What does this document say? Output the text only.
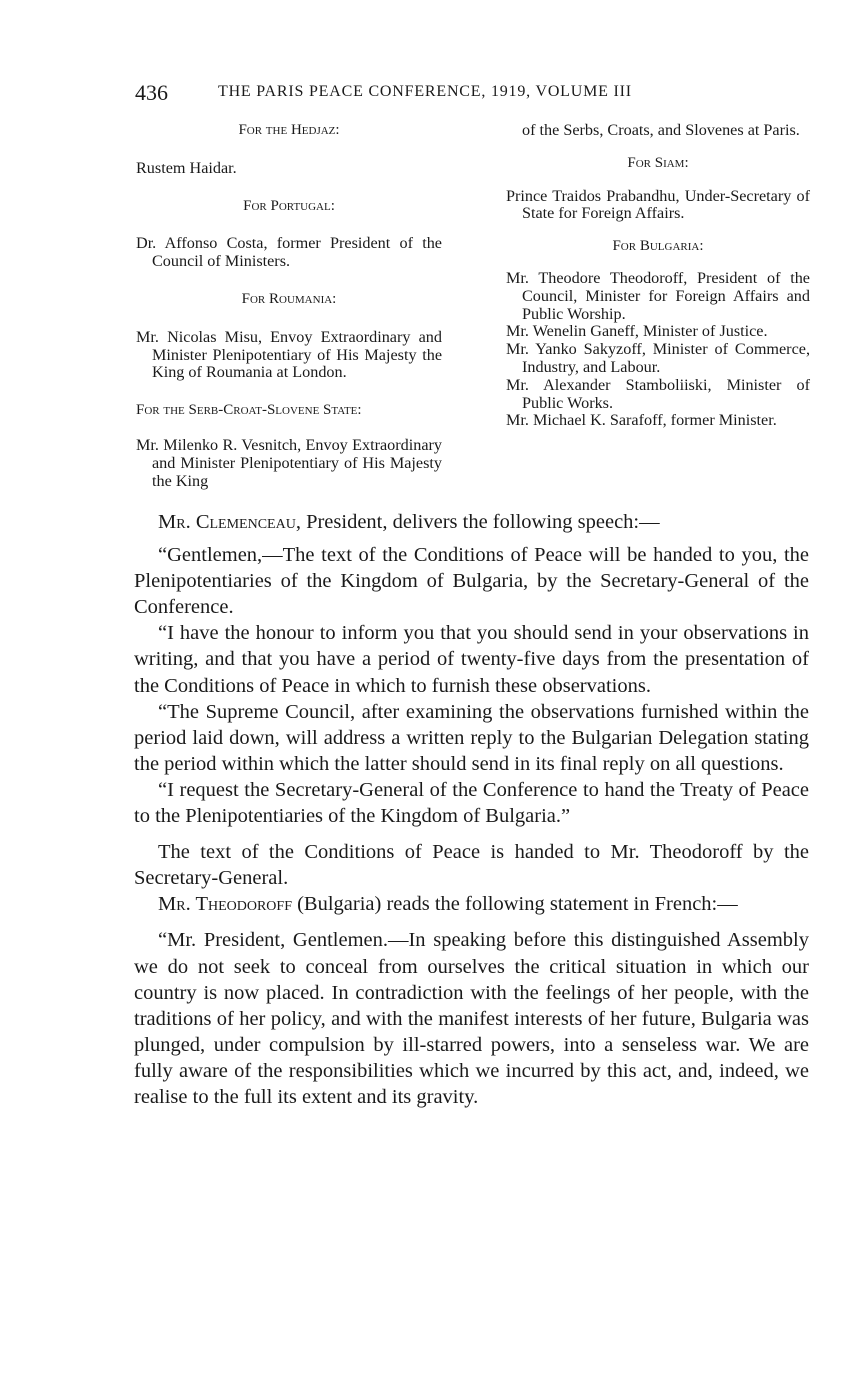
436	THE PARIS PEACE CONFERENCE, 1919, VOLUME III

For the Hedjaz:

Rustem Haidar.

For Portugal:

Dr. Affonso Costa, former President of the Council of Ministers.

For Roumania:

Mr. Nicolas Misu, Envoy Extraordinary and Minister Plenipotentiary of His Majesty the King of Roumania at London.

For the Serb-Croat-Slovene State:

Mr. Milenko R. Vesnitch, Envoy Extraordinary and Minister Plenipotentiary of His Majesty the King

of the Serbs, Croats, and Slovenes at Paris.

For Siam:

Prince Traidos Prabandhu, Under-Secretary of State for Foreign Affairs.

For Bulgaria:

Mr. Theodore Theodoroff, President of the Council, Minister for Foreign Affairs and Public Worship.

Mr. Wenelin Ganeff, Minister of Justice.

Mr. Yanko Sakyzoff, Minister of Commerce, Industry, and Labour.

Mr. Alexander Stamboliiski, Minister of Public Works.

Mr. Michael K. Sarafoff, former Minister.

Mr. Clemenceau, President, delivers the following speech:—

“Gentlemen,—The text of the Conditions of Peace will be handed to you, the Plenipotentiaries of the Kingdom of Bulgaria, by the Secretary-General of the Conference.

“I have the honour to inform you that you should send in your observations in writing, and that you have a period of twenty-five days from the presentation of the Conditions of Peace in which to furnish these observations.

“The Supreme Council, after examining the observations furnished within the period laid down, will address a written reply to the Bulgarian Delegation stating the period within which the latter should send in its final reply on all questions.

“I request the Secretary-General of the Conference to hand the Treaty of Peace to the Plenipotentiaries of the Kingdom of Bulgaria.”

The text of the Conditions of Peace is handed to Mr. Theodoroff by the Secretary-General.

Mr. Theodoroff (Bulgaria) reads the following statement in French:—

“Mr. President, Gentlemen.—In speaking before this distinguished Assembly we do not seek to conceal from ourselves the critical situation in which our country is now placed. In contradiction with the feelings of her people, with the traditions of her policy, and with the manifest interests of her future, Bulgaria was plunged, under compulsion by ill-starred powers, into a senseless war. We are fully aware of the responsibilities which we incurred by this act, and, indeed, we realise to the full its extent and its gravity.
